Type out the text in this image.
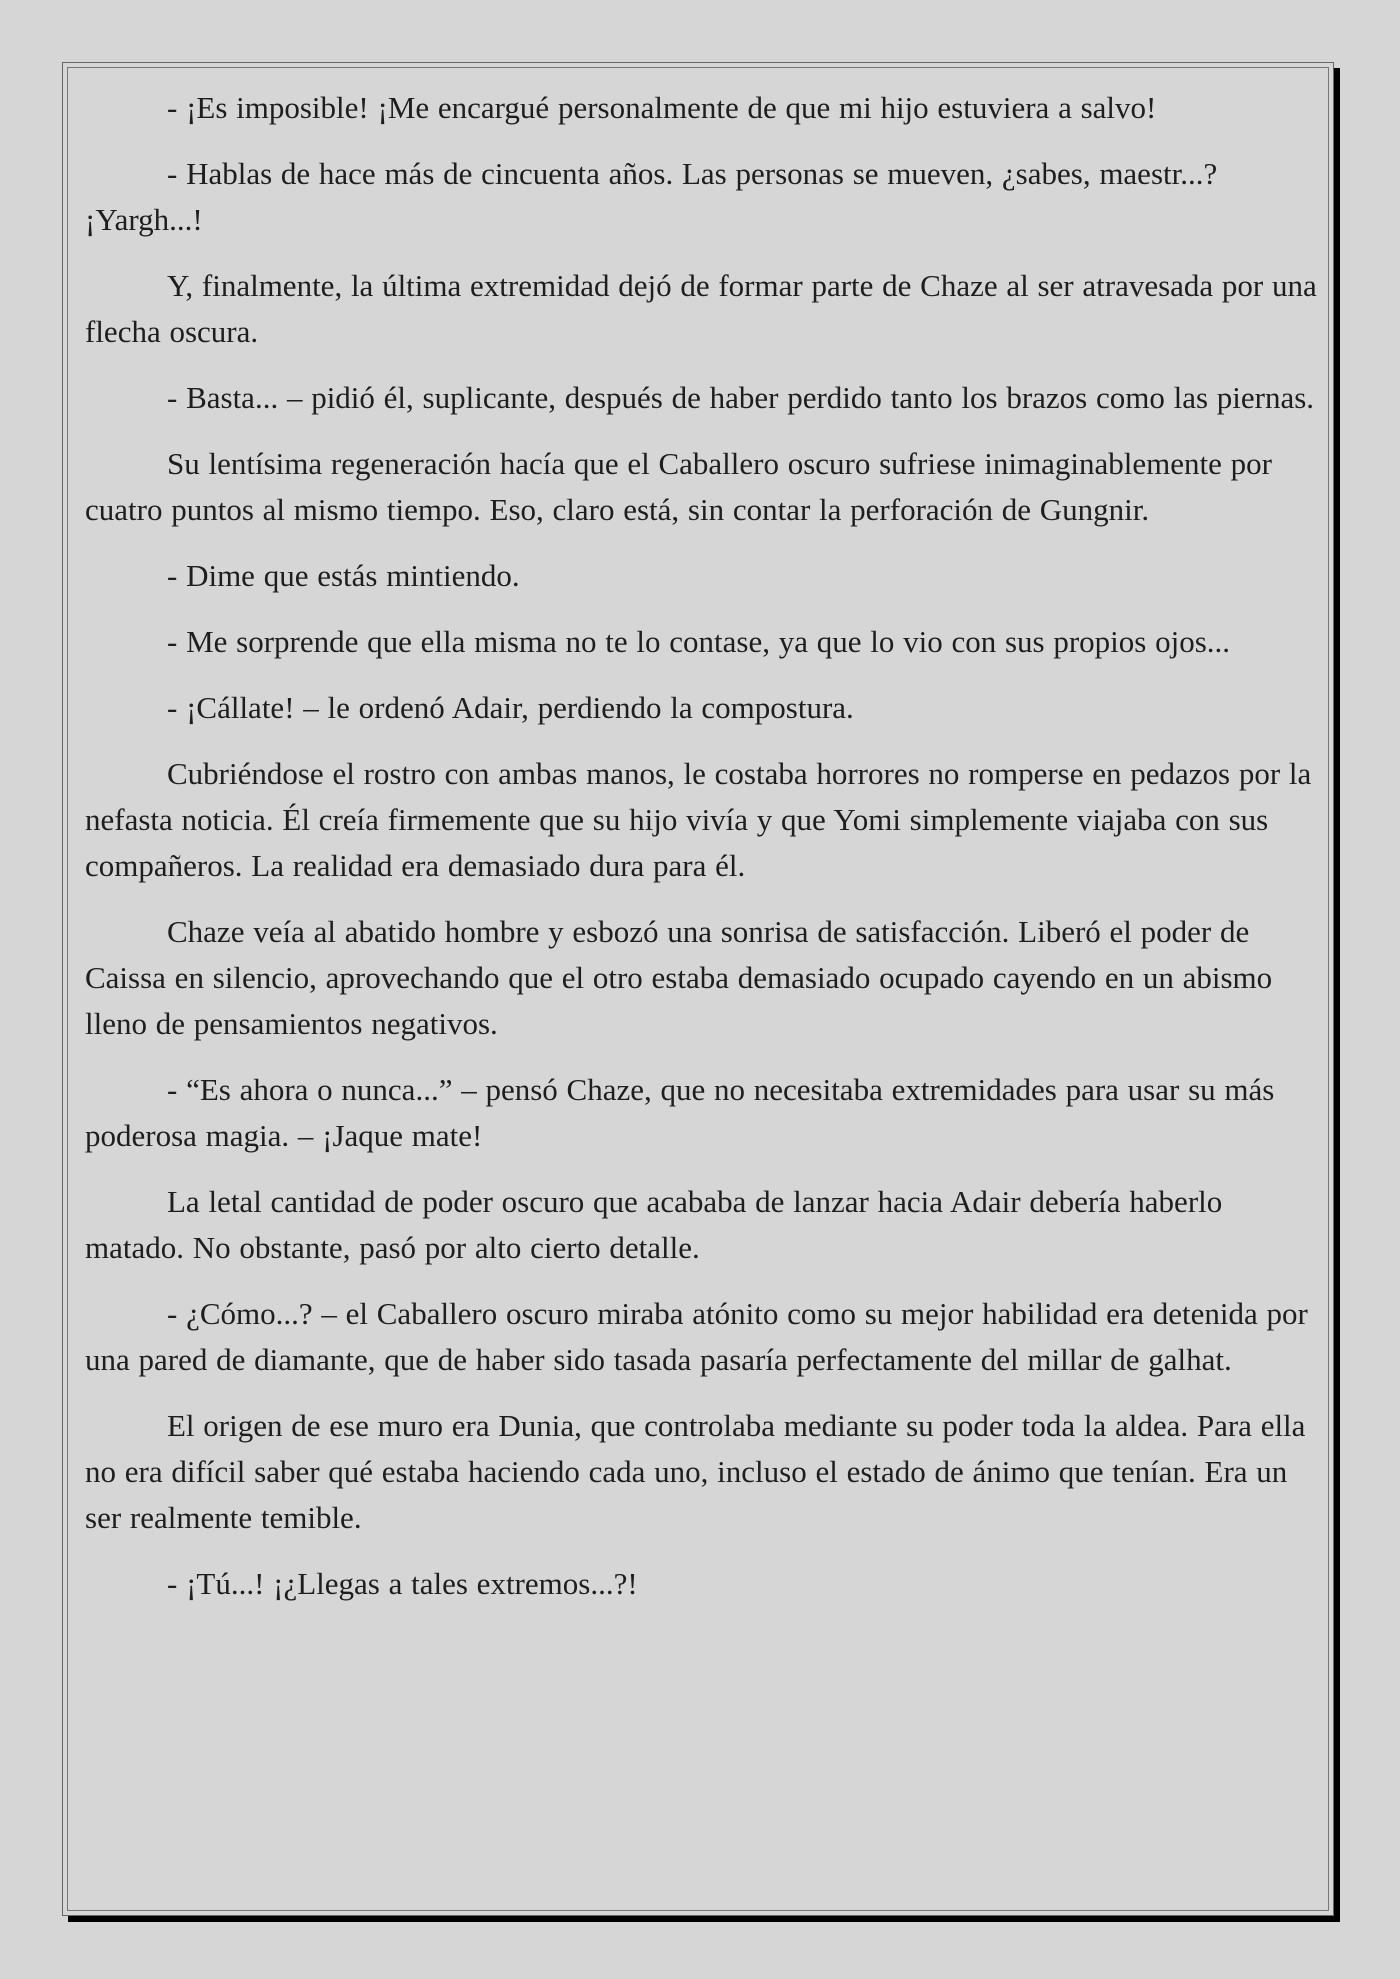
- ¡Es imposible! ¡Me encargué personalmente de que mi hijo estuviera a salvo!

- Hablas de hace más de cincuenta años. Las personas se mueven, ¿sabes, maestr...? ¡Yargh...!

Y, finalmente, la última extremidad dejó de formar parte de Chaze al ser atravesada por una flecha oscura.

- Basta... – pidió él, suplicante, después de haber perdido tanto los brazos como las piernas.

Su lentísima regeneración hacía que el Caballero oscuro sufriese inimaginablemente por cuatro puntos al mismo tiempo. Eso, claro está, sin contar la perforación de Gungnir.

- Dime que estás mintiendo.

- Me sorprende que ella misma no te lo contase, ya que lo vio con sus propios ojos...

- ¡Cállate! – le ordenó Adair, perdiendo la compostura.

Cubriéndose el rostro con ambas manos, le costaba horrores no romperse en pedazos por la nefasta noticia. Él creía firmemente que su hijo vivía y que Yomi simplemente viajaba con sus compañeros. La realidad era demasiado dura para él.

Chaze veía al abatido hombre y esbozó una sonrisa de satisfacción. Liberó el poder de Caissa en silencio, aprovechando que el otro estaba demasiado ocupado cayendo en un abismo lleno de pensamientos negativos.

- “Es ahora o nunca...” – pensó Chaze, que no necesitaba extremidades para usar su más poderosa magia. – ¡Jaque mate!

La letal cantidad de poder oscuro que acababa de lanzar hacia Adair debería haberlo matado. No obstante, pasó por alto cierto detalle.

- ¿Cómo...? – el Caballero oscuro miraba atónito como su mejor habilidad era detenida por una pared de diamante, que de haber sido tasada pasaría perfectamente del millar de galhat.

El origen de ese muro era Dunia, que controlaba mediante su poder toda la aldea. Para ella no era difícil saber qué estaba haciendo cada uno, incluso el estado de ánimo que tenían. Era un ser realmente temible.

- ¡Tú...! ¡¿Llegas a tales extremos...?!
